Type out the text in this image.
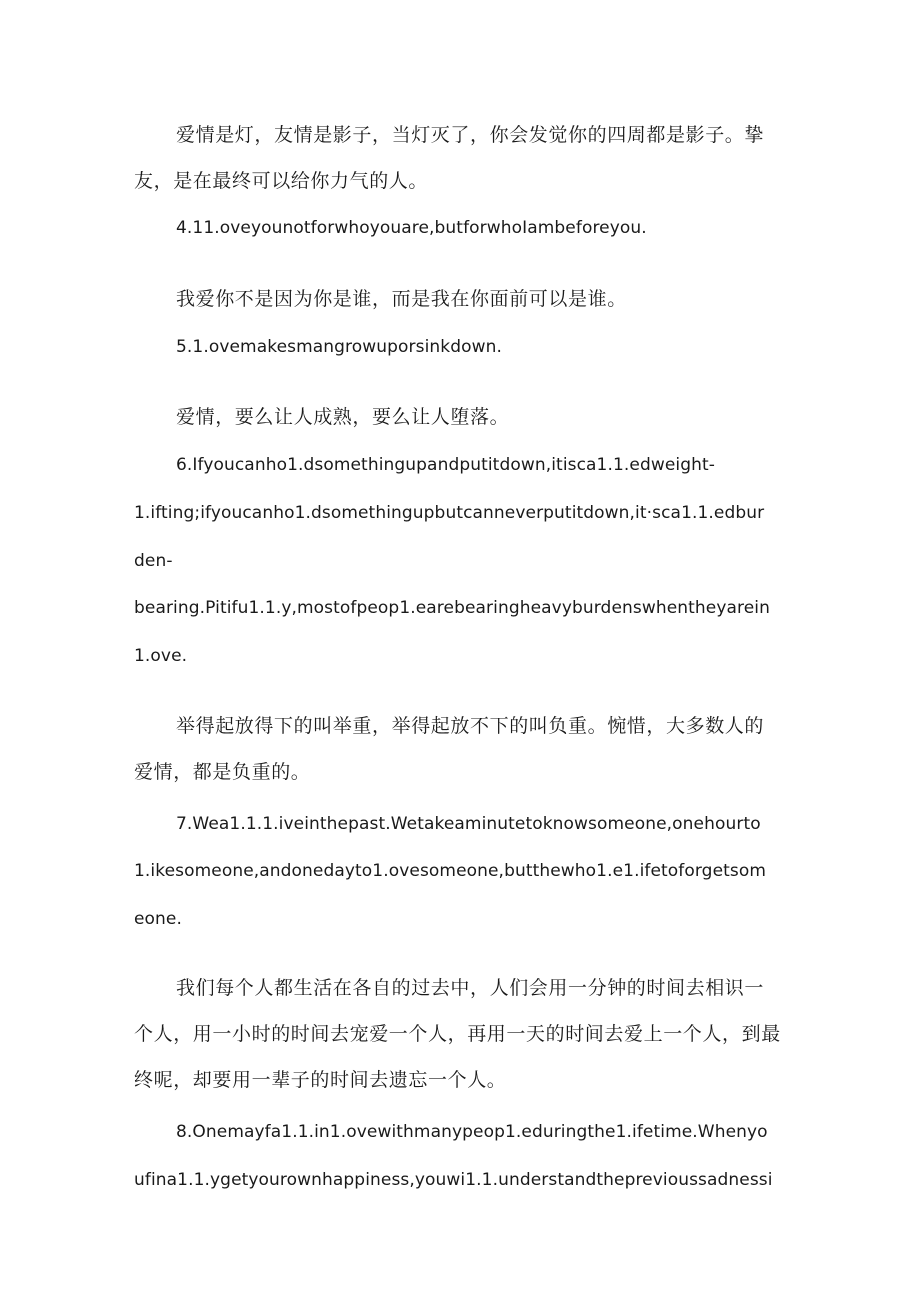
爱情是灯，友情是影子，当灯灭了，你会发觉你的四周都是影子。挚

友，是在最终可以给你力气的人。

4.11.oveyounotforwhoyouare,butforwhoIambeforeyou.

我爱你不是因为你是谁，而是我在你面前可以是谁。

5.1.ovemakesmangrowuporsinkdown.

爱情，要么让人成熟，要么让人堕落。

6.Ifyoucanho1.dsomethingupandputitdown,itisca1.1.edweight-

1.ifting;ifyoucanho1.dsomethingupbutcanneverputitdown,it·sca1.1.edbur

den-

bearing.Pitifu1.1.y,mostofpeop1.earebearingheavyburdenswhentheyarein

1.ove.

举得起放得下的叫举重，举得起放不下的叫负重。惋惜，大多数人的

爱情，都是负重的。

7.Wea1.1.1.iveinthepast.Wetakeaminutetoknowsomeone,onehourto

1.ikesomeone,andonedayto1.ovesomeone,butthewho1.e1.ifetoforgetsom

eone.

我们每个人都生活在各自的过去中，人们会用一分钟的时间去相识一

个人，用一小时的时间去宠爱一个人，再用一天的时间去爱上一个人，到最

终呢，却要用一辈子的时间去遗忘一个人。

8.Onemayfa1.1.in1.ovewithmanypeop1.eduringthe1.ifetime.Whenyo

ufina1.1.ygetyourownhappiness,youwi1.1.understandtheprevioussadnessi
